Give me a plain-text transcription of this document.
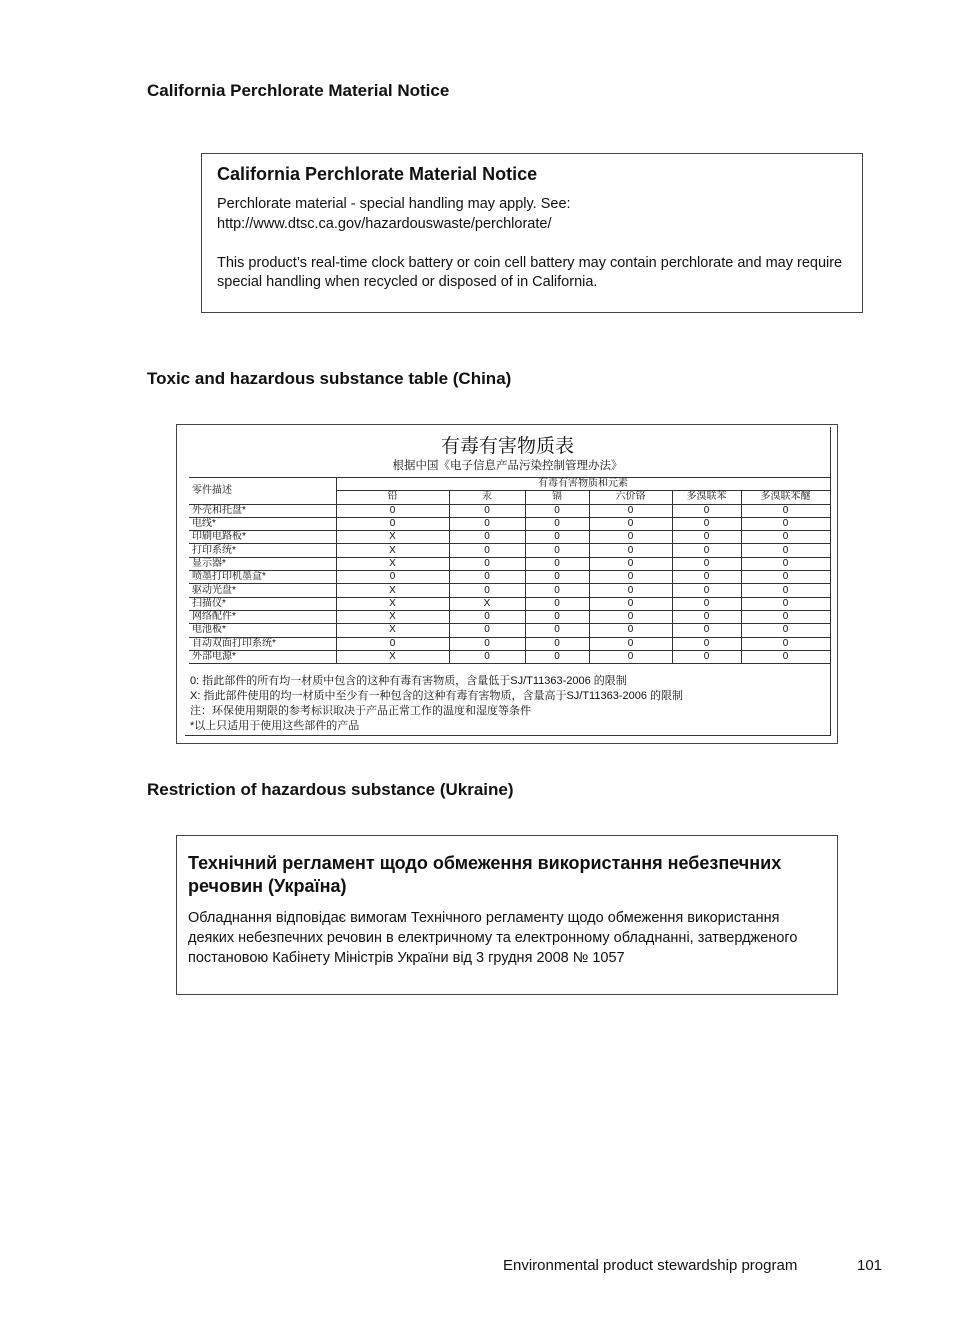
California Perchlorate Material Notice
California Perchlorate Material Notice

Perchlorate material - special handling may apply. See:
http://www.dtsc.ca.gov/hazardouswaste/perchlorate/

This product’s real-time clock battery or coin cell battery may contain perchlorate and may require special handling when recycled or disposed of in California.

Toxic and hazardous substance table (China)
有毒有害物质表
根据中国《电子信息产品污染控制管理办法》
零件描述	有毒有害物质和元素					
	铅	汞	镉	六价铬	多溴联苯	多溴联苯醚
外壳和托盘*	0	0	0	0	0	0
电线*	0	0	0	0	0	0
印刷电路板*	X	0	0	0	0	0
打印系统*	X	0	0	0	0	0
显示器*	X	0	0	0	0	0
喷墨打印机墨盒*	0	0	0	0	0	0
驱动光盘*	X	0	0	0	0	0
扫描仪*	X	X	0	0	0	0
网络配件*	X	0	0	0	0	0
电池板*	X	0	0	0	0	0
自动双面打印系统*	0	0	0	0	0	0
外部电源*	X	0	0	0	0	0
0: 指此部件的所有均一材质中包含的这种有毒有害物质，含量低于SJ/T11363-2006 的限制
X: 指此部件使用的均一材质中至少有一种包含的这种有毒有害物质，含量高于SJ/T11363-2006 的限制
注：环保使用期限的参考标识取决于产品正常工作的温度和湿度等条件
*以上只适用于使用这些部件的产品
Restriction of hazardous substance (Ukraine)
Технічний регламент щодо обмеження використання небезпечних речовин (Україна)

Обладнання відповідає вимогам Технічного регламенту щодо обмеження використання деяких небезпечних речовин в електричному та електронному обладнанні, затвердженого постановою Кабінету Міністрів України від 3 грудня 2008 № 1057

Environmental product stewardship program	101
